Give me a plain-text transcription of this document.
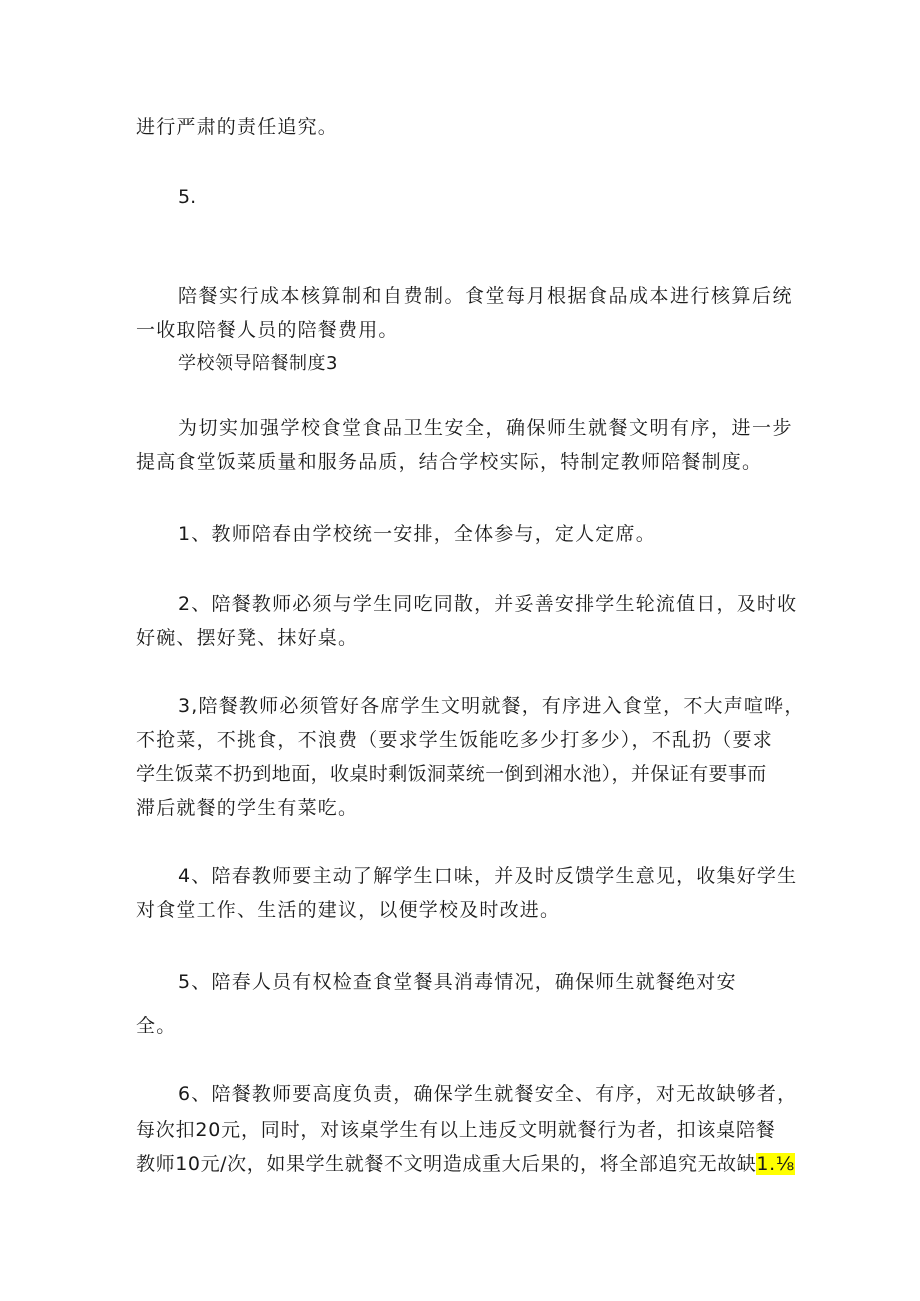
进行严肃的责任追究。
5.
陪餐实行成本核算制和自费制。食堂每月根据食品成本进行核算后统
一收取陪餐人员的陪餐费用。
学校领导陪餐制度3
为切实加强学校食堂食品卫生安全，确保师生就餐文明有序，进一步
提高食堂饭菜质量和服务品质，结合学校实际，特制定教师陪餐制度。
1、教师陪春由学校统一安排，全体参与，定人定席。
2、陪餐教师必须与学生同吃同散，并妥善安排学生轮流值日，及时收
好碗、摆好凳、抹好桌。
3,陪餐教师必须管好各席学生文明就餐，有序进入食堂，不大声喧哗，
不抢菜，不挑食，不浪费（要求学生饭能吃多少打多少），不乱扔（要求
学生饭菜不扔到地面，收桌时剩饭洞菜统一倒到湘水池），并保证有要事而
滞后就餐的学生有菜吃。
4、陪春教师要主动了解学生口味，并及时反馈学生意见，收集好学生
对食堂工作、生活的建议，以便学校及时改进。
5、陪春人员有权检查食堂餐具消毒情况，确保师生就餐绝对安
全。
6、陪餐教师要高度负责，确保学生就餐安全、有序，对无故缺够者，
每次扣20元，同时，对该桌学生有以上违反文明就餐行为者，扣该桌陪餐
教师10元/次，如果学生就餐不文明造成重大后果的，将全部追究无故缺1.⅛
